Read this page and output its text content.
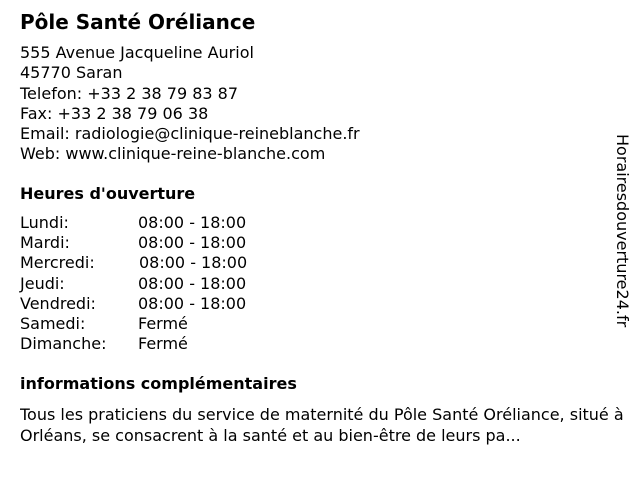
Pôle Santé Oréliance
555 Avenue Jacqueline Auriol
45770 Saran
Telefon: +33 2 38 79 83 87
Fax: +33 2 38 79 06 38
Email: radiologie@clinique-reineblanche.fr
Web: www.clinique-reine-blanche.com
Heures d'ouverture
Lundi:	08:00 - 18:00
Mardi:	08:00 - 18:00
Mercredi:	08:00 - 18:00
Jeudi:	08:00 - 18:00
Vendredi:	08:00 - 18:00
Samedi:	Fermé
Dimanche: Fermé
informations complémentaires
Tous les praticiens du service de maternité du Pôle Santé Oréliance, situé à Orléans, se consacrent à la santé et au bien-être de leurs pa...
Horairesdouverture24.fr
